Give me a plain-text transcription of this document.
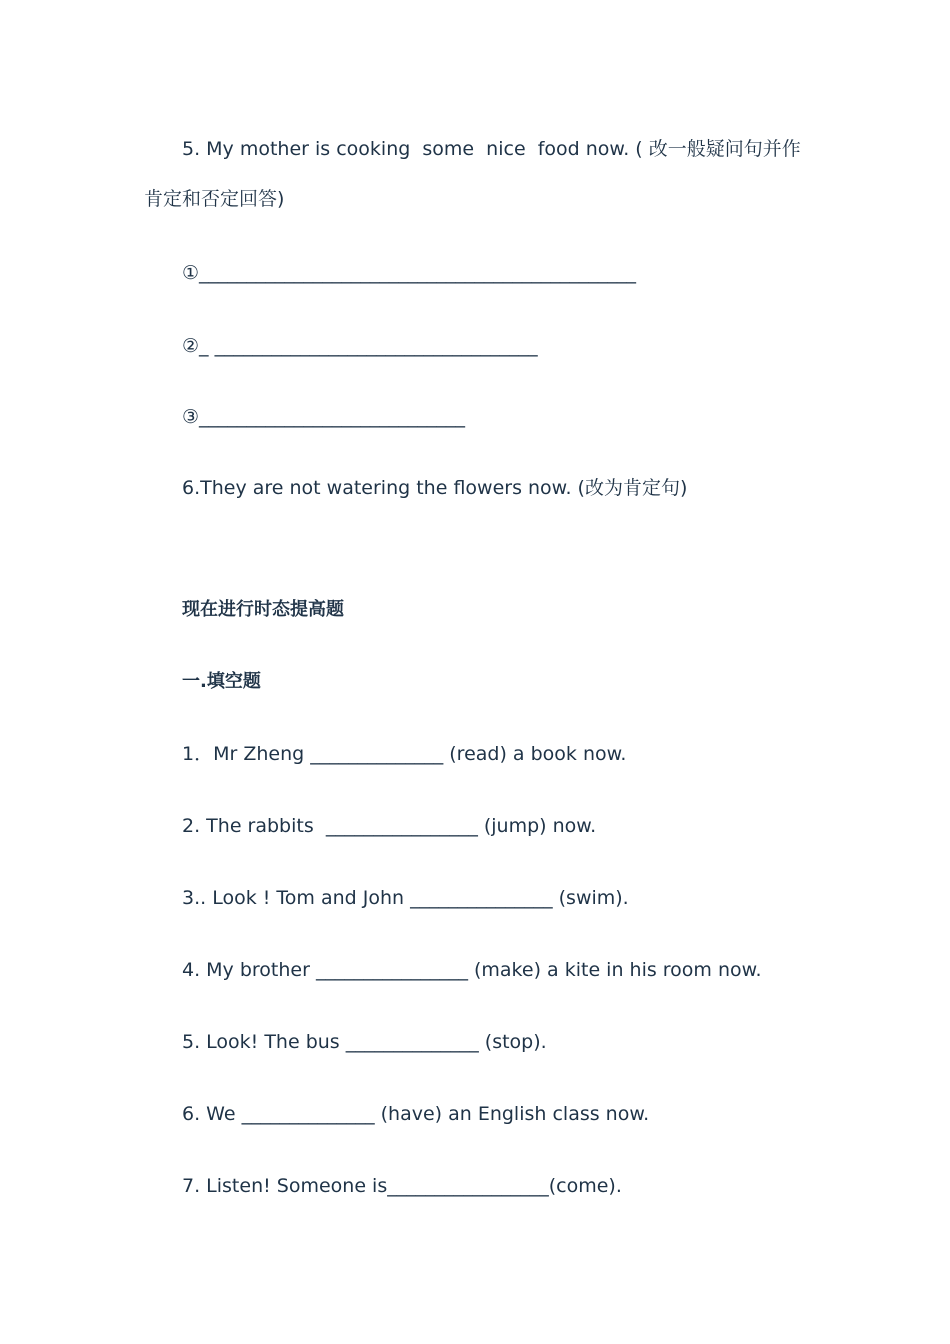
5. My mother is cooking  some  nice  food now. ( 改一般疑问句并作
肯定和否定回答)
①______________________________________________
②_ __________________________________
③____________________________
6.They are not watering the flowers now. (改为肯定句)
现在进行时态提高题
一.填空题
1．Mr Zheng ______________ (read) a book now.
2. The rabbits  ________________ (jump) now.
3.. Look ! Tom and John _______________ (swim).
4. My brother ________________ (make) a kite in his room now.
5. Look! The bus ______________ (stop).
6. We ______________ (have) an English class now.
7. Listen! Someone is_________________(come).
